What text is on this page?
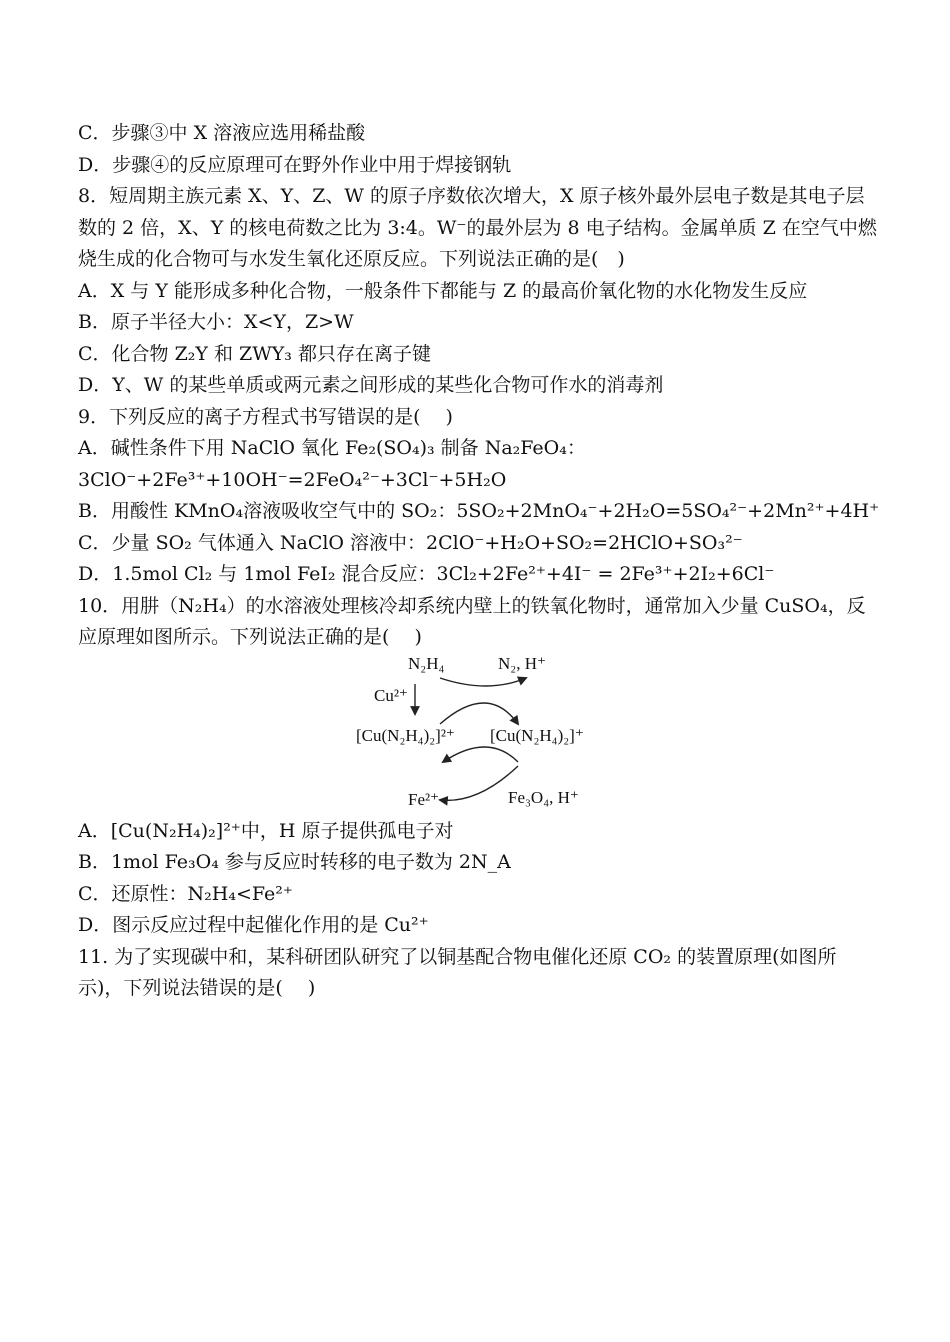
C．步骤③中 X 溶液应选用稀盐酸
D．步骤④的反应原理可在野外作业中用于焊接钢轨
8．短周期主族元素 X、Y、Z、W 的原子序数依次增大，X 原子核外最外层电子数是其电子层数的 2 倍，X、Y 的核电荷数之比为 3:4。W⁻的最外层为 8 电子结构。金属单质 Z 在空气中燃烧生成的化合物可与水发生氧化还原反应。下列说法正确的是(　)
A．X 与 Y 能形成多种化合物，一般条件下都能与 Z 的最高价氧化物的水化物发生反应
B．原子半径大小：X<Y，Z>W
C．化合物 Z₂Y 和 ZWY₃ 都只存在离子键
D．Y、W 的某些单质或两元素之间形成的某些化合物可作水的消毒剂
9．下列反应的离子方程式书写错误的是(　 )
A．碱性条件下用 NaClO 氧化 Fe₂(SO₄)₃ 制备 Na₂FeO₄：3ClO⁻+2Fe³⁺+10OH⁻=2FeO₄²⁻+3Cl⁻+5H₂O
B．用酸性 KMnO₄溶液吸收空气中的 SO₂：5SO₂+2MnO₄⁻+2H₂O=5SO₄²⁻+2Mn²⁺+4H⁺
C．少量 SO₂ 气体通入 NaClO 溶液中：2ClO⁻+H₂O+SO₂=2HClO+SO₃²⁻
D．1.5mol Cl₂ 与 1mol FeI₂ 混合反应：3Cl₂+2Fe²⁺+4I⁻ = 2Fe³⁺+2I₂+6Cl⁻
10．用肼（N₂H₄）的水溶液处理核冷却系统内壁上的铁氧化物时，通常加入少量 CuSO₄，反应原理如图所示。下列说法正确的是(　 )
N₂H₄	N₂, H⁺
Cu²⁺
[Cu(N₂H₄)₂]²⁺ [Cu(N₂H₄)₂]⁺
Fe²⁺	Fe₃O₄, H⁺
A．[Cu(N₂H₄)₂]²⁺中，H 原子提供孤电子对
B．1mol Fe₃O₄ 参与反应时转移的电子数为 2N_A
C．还原性：N₂H₄<Fe²⁺
D．图示反应过程中起催化作用的是 Cu²⁺
11. 为了实现碳中和，某科研团队研究了以铜基配合物电催化还原 CO₂ 的装置原理(如图所示)，下列说法错误的是(　 )
